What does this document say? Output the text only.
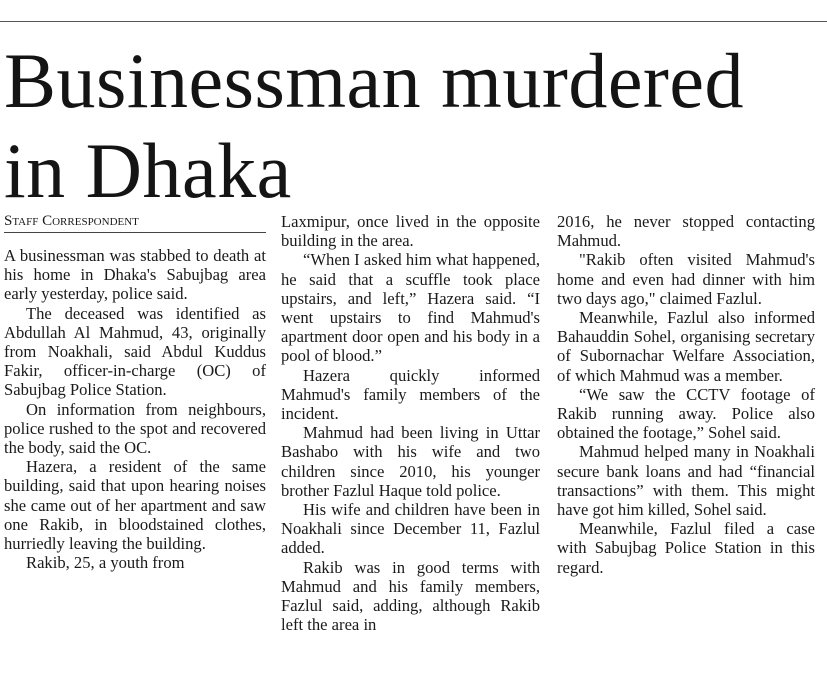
Businessman murdered in Dhaka
Staff Correspondent

A businessman was stabbed to death at his home in Dhaka's Sabujbag area early yesterday, police said.

The deceased was identified as Abdullah Al Mahmud, 43, originally from Noakhali, said Abdul Kuddus Fakir, officer-in-charge (OC) of Sabujbag Police Station.

On information from neighbours, police rushed to the spot and recovered the body, said the OC.

Hazera, a resident of the same building, said that upon hearing noises she came out of her apartment and saw one Rakib, in bloodstained clothes, hurriedly leaving the building.

Rakib, 25, a youth from

Laxmipur, once lived in the opposite building in the area.

“When I asked him what happened, he said that a scuffle took place upstairs, and left,” Hazera said. “I went upstairs to find Mahmud's apartment door open and his body in a pool of blood.”

Hazera quickly informed Mahmud's family members of the incident.

Mahmud had been living in Uttar Bashabo with his wife and two children since 2010, his younger brother Fazlul Haque told police.

His wife and children have been in Noakhali since December 11, Fazlul added.

Rakib was in good terms with Mahmud and his family members, Fazlul said, adding, although Rakib left the area in

2016, he never stopped contacting Mahmud.

"Rakib often visited Mahmud's home and even had dinner with him two days ago," claimed Fazlul.

Meanwhile, Fazlul also informed Bahauddin Sohel, organising secretary of Subornachar Welfare Association, of which Mahmud was a member.

“We saw the CCTV footage of Rakib running away. Police also obtained the footage,” Sohel said.

Mahmud helped many in Noakhali secure bank loans and had “financial transactions” with them. This might have got him killed, Sohel said.

Meanwhile, Fazlul filed a case with Sabujbag Police Station in this regard.
